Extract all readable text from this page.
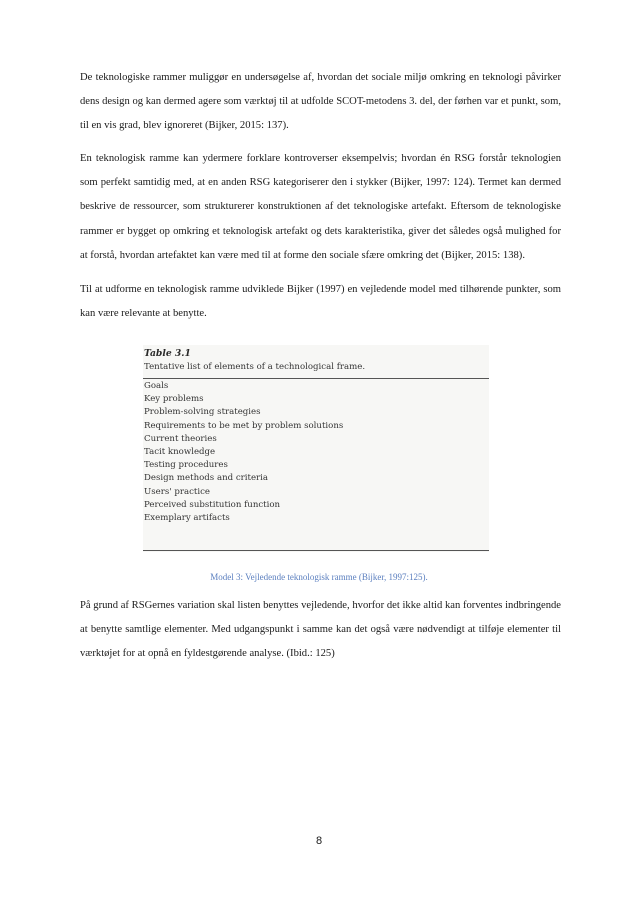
De teknologiske rammer muliggør en undersøgelse af, hvordan det sociale miljø omkring en teknologi påvirker dens design og kan dermed agere som værktøj til at udfolde SCOT-metodens 3. del, der førhen var et punkt, som, til en vis grad, blev ignoreret (Bijker, 2015: 137).

En teknologisk ramme kan ydermere forklare kontroverser eksempelvis; hvordan én RSG forstår teknologien som perfekt samtidig med, at en anden RSG kategoriserer den i stykker (Bijker, 1997: 124). Termet kan dermed beskrive de ressourcer, som strukturerer konstruktionen af det teknologiske artefakt. Eftersom de teknologiske rammer er bygget op omkring et teknologisk artefakt og dets karakteristika, giver det således også mulighed for at forstå, hvordan artefaktet kan være med til at forme den sociale sfære omkring det (Bijker, 2015: 138).

Til at udforme en teknologisk ramme udviklede Bijker (1997) en vejledende model med tilhørende punkter, som kan være relevante at benytte.

Table 3.1

Tentative list of elements of a technological frame.

Goals
Key problems
Problem-solving strategies
Requirements to be met by problem solutions
Current theories
Tacit knowledge
Testing procedures
Design methods and criteria
Users' practice
Perceived substitution function
Exemplary artifacts

Model 3: Vejledende teknologisk ramme (Bijker, 1997:125).

På grund af RSGernes variation skal listen benyttes vejledende, hvorfor det ikke altid kan forventes indbringende at benytte samtlige elementer. Med udgangspunkt i samme kan det også være nødvendigt at tilføje elementer til værktøjet for at opnå en fyldestgørende analyse. (Ibid.: 125)

8
